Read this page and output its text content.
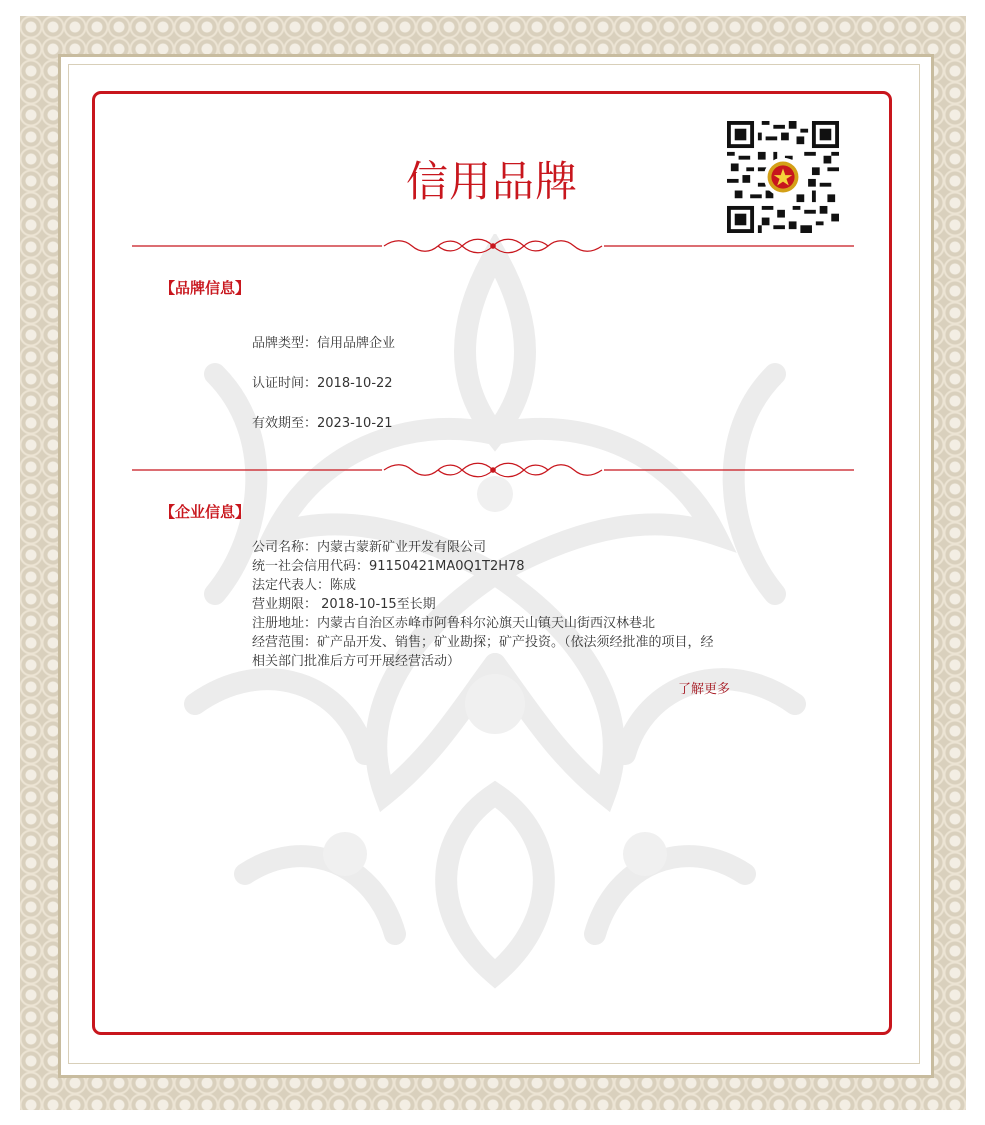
信用品牌
【品牌信息】
品牌类型：信用品牌企业
认证时间：2018-10-22
有效期至：2023-10-21
【企业信息】
公司名称：内蒙古蒙新矿业开发有限公司
统一社会信用代码：91150421MA0Q1T2H78
法定代表人：陈成
营业期限： 2018-10-15至长期
注册地址：内蒙古自治区赤峰市阿鲁科尔沁旗天山镇天山街西汉林巷北
经营范围：矿产品开发、销售；矿业勘探；矿产投资。（依法须经批准的项目，经相关部门批准后方可开展经营活动）
了解更多
